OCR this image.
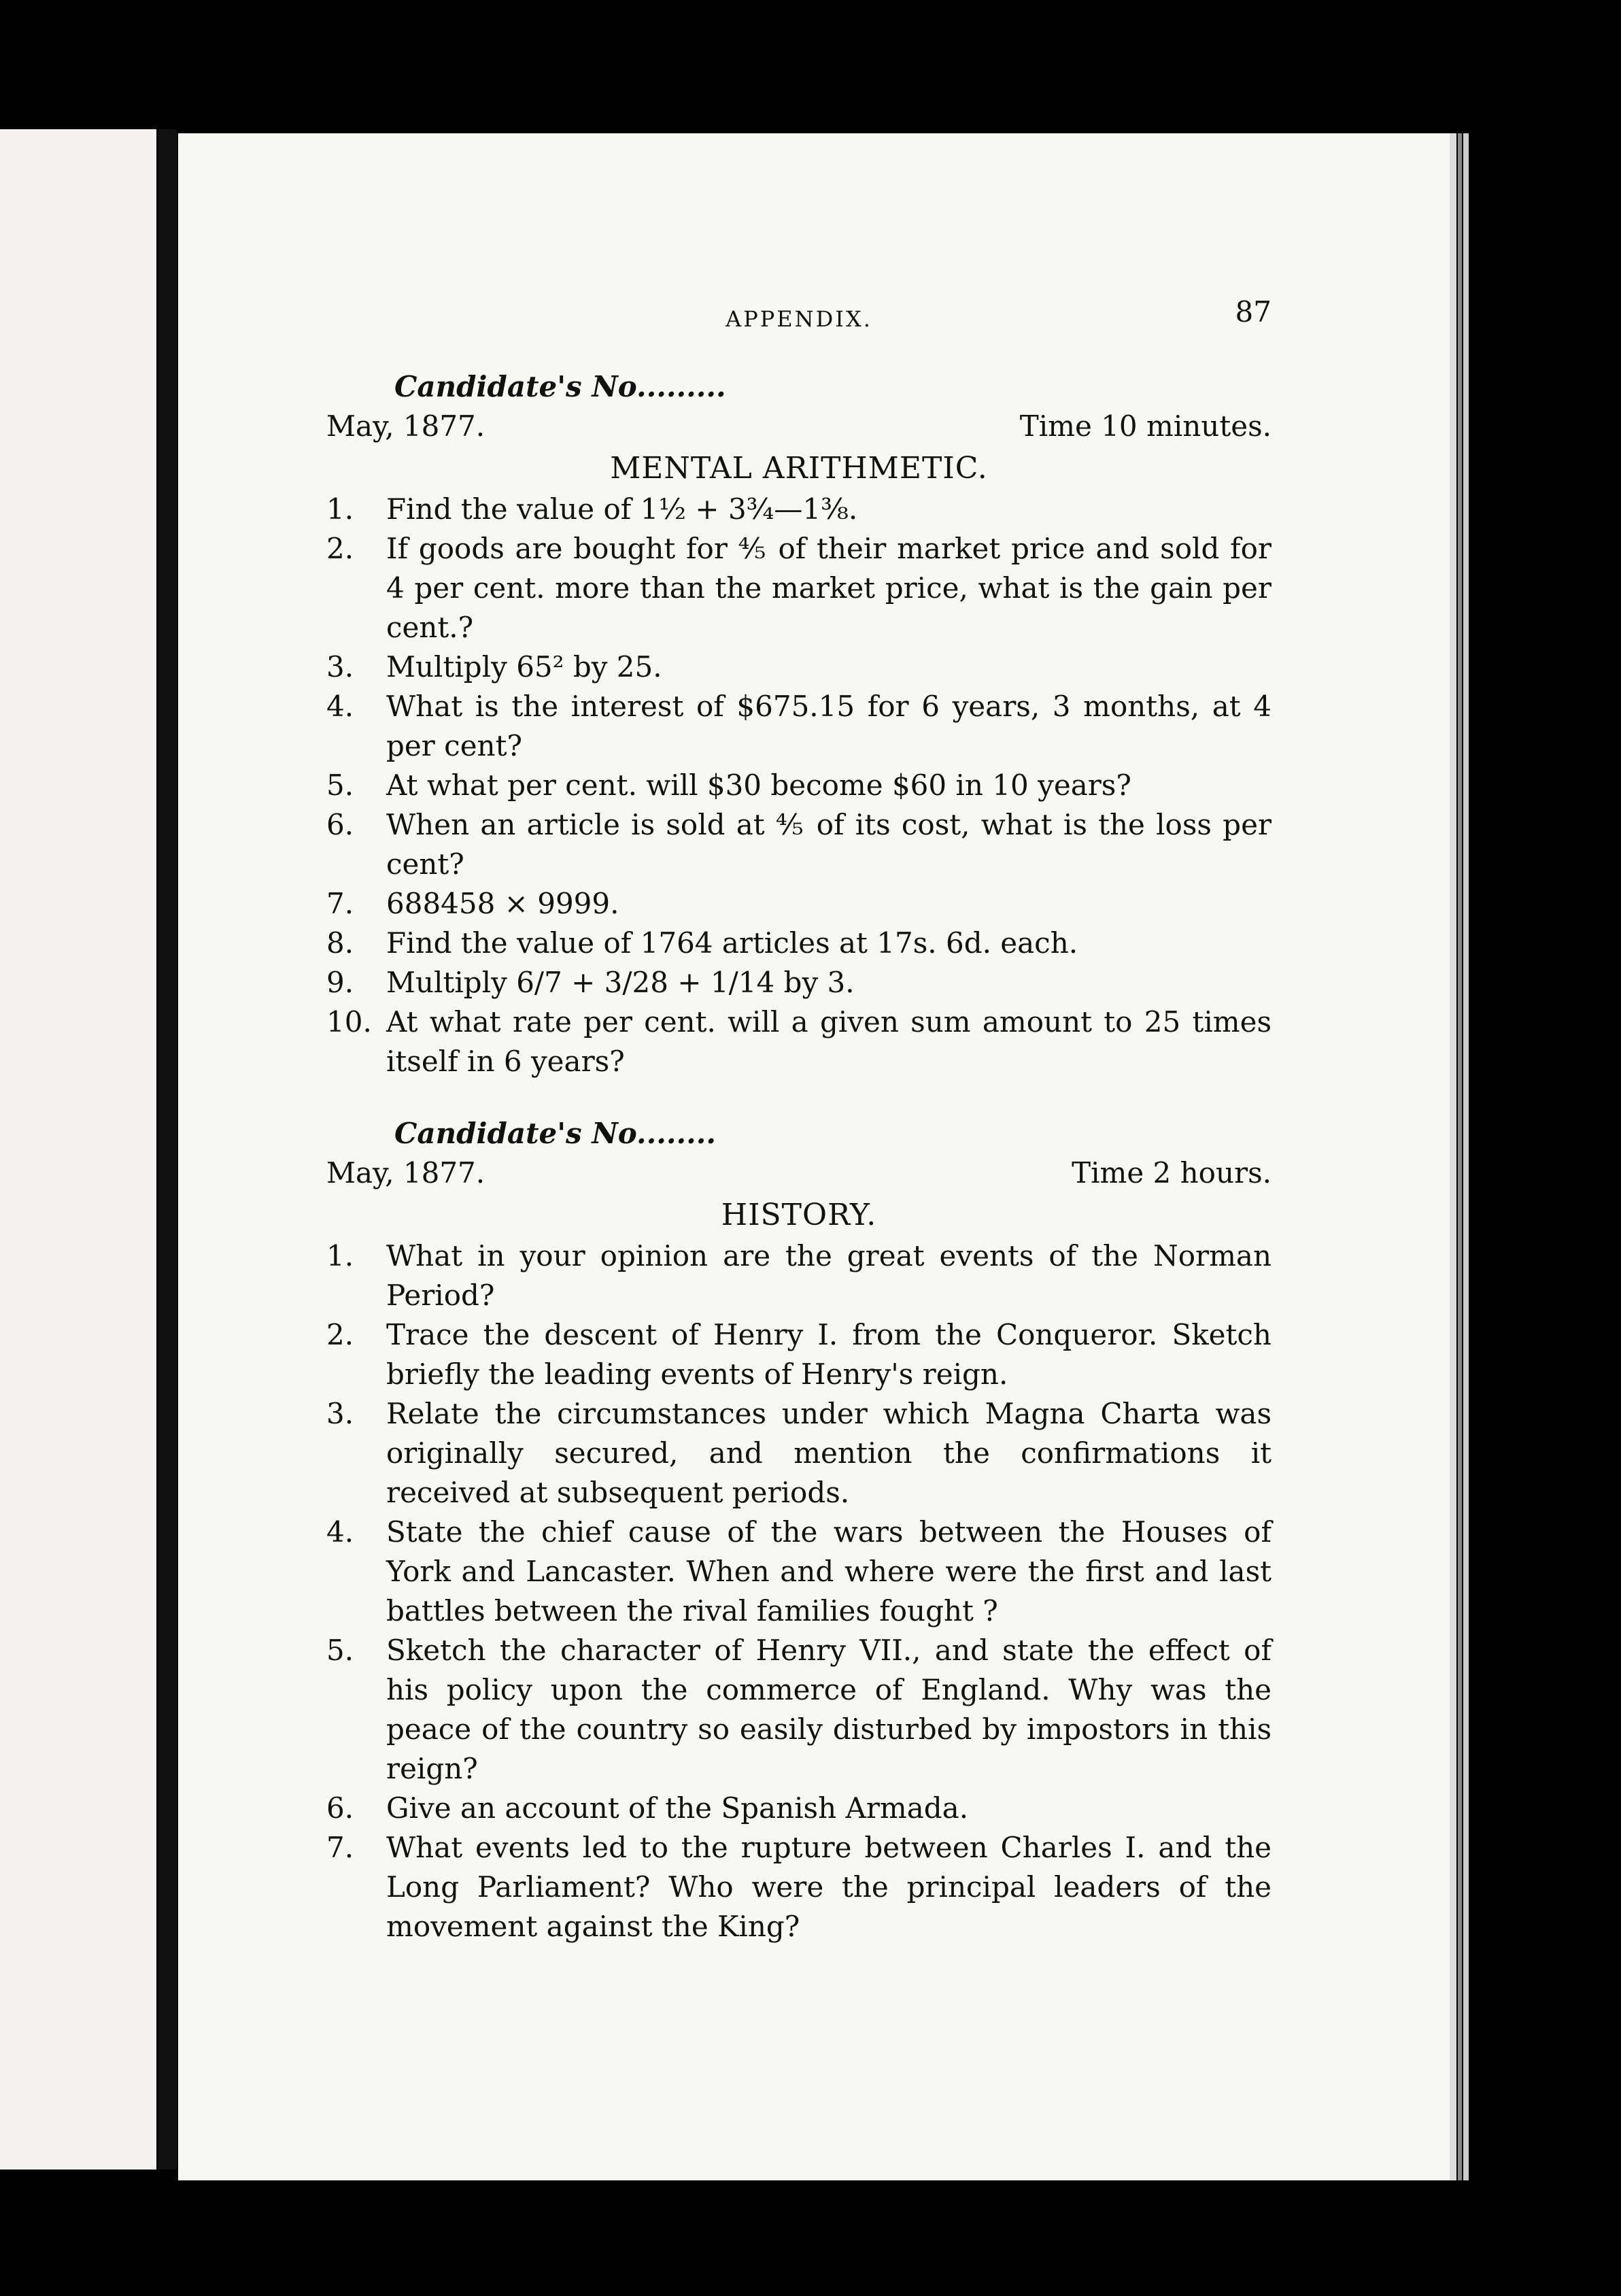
APPENDIX.	87
Candidate's No.........
May, 1877.	Time 10 minutes.
MENTAL ARITHMETIC.
1.	Find the value of 1½ + 3¾—1⅜.
2.	If goods are bought for ⅘ of their market price and sold for 4 per cent. more than the market price, what is the gain per cent.?
3.	Multiply 65² by 25.
4.	What is the interest of $675.15 for 6 years, 3 months, at 4 per cent?
5.	At what per cent. will $30 become $60 in 10 years?
6.	When an article is sold at ⅘ of its cost, what is the loss per cent?
7.	688458 × 9999.
8.	Find the value of 1764 articles at 17s. 6d. each.
9.	Multiply 6/7 + 3/28 + 1/14 by 3.
10. At what rate per cent. will a given sum amount to 25 times itself in 6 years?
Candidate's No........
May, 1877.	Time 2 hours.
HISTORY.
1.	What in your opinion are the great events of the Norman Period?
2.	Trace the descent of Henry I. from the Conqueror. Sketch briefly the leading events of Henry's reign.
3.	Relate the circumstances under which Magna Charta was originally secured, and mention the confirmations it received at subsequent periods.
4.	State the chief cause of the wars between the Houses of York and Lancaster. When and where were the first and last battles between the rival families fought ?
5.	Sketch the character of Henry VII., and state the effect of his policy upon the commerce of England. Why was the peace of the country so easily disturbed by impostors in this reign?
6.	Give an account of the Spanish Armada.
7.	What events led to the rupture between Charles I. and the Long Parliament? Who were the principal leaders of the movement against the King?
